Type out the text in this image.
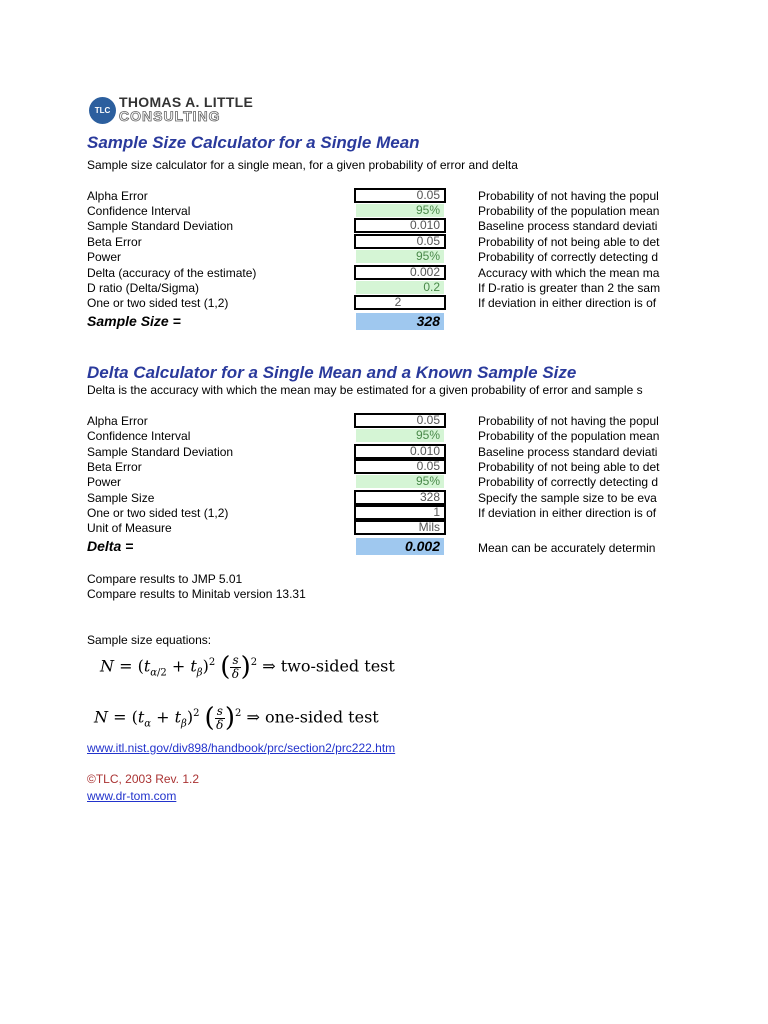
TLC
THOMAS A. LITTLE
CONSULTING
Sample Size Calculator for a Single Mean
Sample size calculator for a single mean, for a given probability of error and delta
Alpha Error	0.05	Probability of not having the popul
Confidence Interval	95%	Probability of the population mean
Sample Standard Deviation	0.010	Baseline process standard deviati
Beta Error	0.05	Probability of not being able to det
Power	95%	Probability of correctly detecting d
Delta (accuracy of the estimate)	0.002	Accuracy with which the mean ma
D ratio (Delta/Sigma)	0.2	If D-ratio is greater than 2 the sam
One or two sided test (1,2)	2	If deviation in either direction is of
Sample Size =	328
Delta Calculator for a Single Mean and a Known Sample Size
Delta is the accuracy with which the mean may be estimated for a given probability of error and sample s
Alpha Error	0.05	Probability of not having the popul
Confidence Interval	95%	Probability of the population mean
Sample Standard Deviation	0.010	Baseline process standard deviati
Beta Error	0.05	Probability of not being able to det
Power	95%	Probability of correctly detecting d
Sample Size	328	Specify the sample size to be eva
One or two sided test (1,2)	1	If deviation in either direction is of
Unit of Measure	Mils
Delta =	0.002	Mean can be accurately determin
Compare results to JMP 5.01
Compare results to Minitab version 13.31
Sample size equations:
$N = (t_{\alpha/2} + t_\beta)^2$ ( $\frac{s}{\delta} )^2$ ⇒ two-sided test
$N = (t_\alpha + t_\beta)^2$ ( $\frac{s}{\delta} )^2$ ⇒ one-sided test
www.itl.nist.gov/div898/handbook/prc/section2/prc222.htm
©TLC, 2003 Rev. 1.2
www.dr-tom.com
